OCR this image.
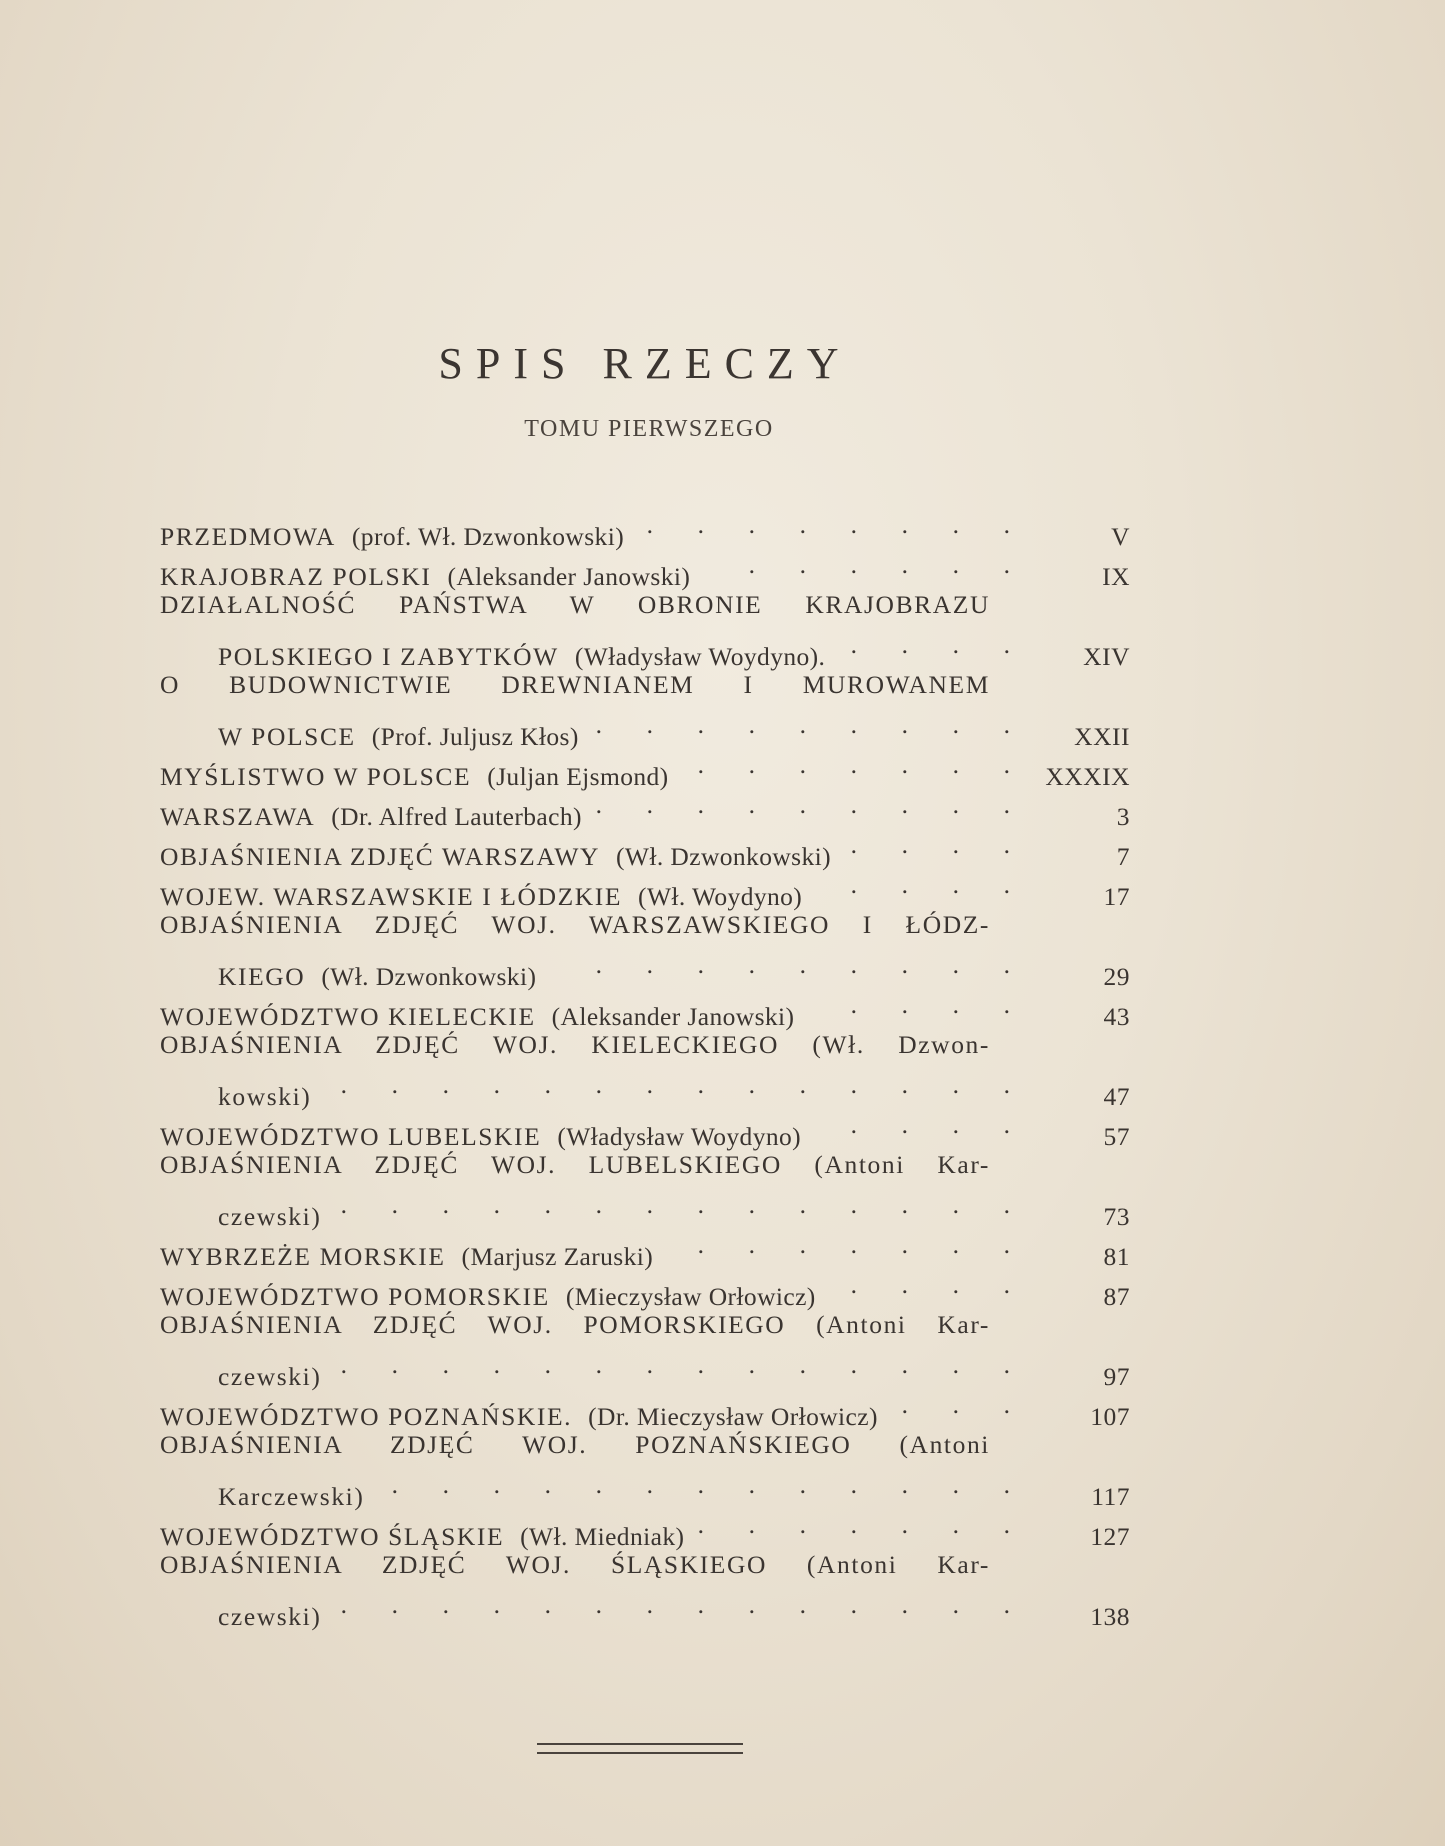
SPIS RZECZY
TOMU PIERWSZEGO
PRZEDMOWA (prof. Wł. Dzwonkowski) .	V
KRAJOBRAZ POLSKI (Aleksander Janowski) .	IX
DZIAŁALNOŚĆ PAŃSTWA W OBRONIE KRAJOBRAZU
POLSKIEGO I ZABYTKÓW (Władysław Woydyno). .	XIV
O BUDOWNICTWIE DREWNIANEM I MUROWANEM
W POLSCE (Prof. Juljusz Kłos) .	XXII
MYŚLISTWO W POLSCE (Juljan Ejsmond) .	XXXIX
WARSZAWA (Dr. Alfred Lauterbach) .	3
OBJAŚNIENIA ZDJĘĆ WARSZAWY (Wł. Dzwonkowski) .	7
WOJEW. WARSZAWSKIE I ŁÓDZKIE (Wł. Woydyno) .	17
OBJAŚNIENIA ZDJĘĆ WOJ. WARSZAWSKIEGO I ŁÓDZ-
KIEGO (Wł. Dzwonkowski) .	29
WOJEWÓDZTWO KIELECKIE (Aleksander Janowski) .	43
OBJAŚNIENIA ZDJĘĆ WOJ. KIELECKIEGO (Wł. Dzwon-
kowski) .	47
WOJEWÓDZTWO LUBELSKIE (Władysław Woydyno) .	57
OBJAŚNIENIA ZDJĘĆ WOJ. LUBELSKIEGO (Antoni Kar-
czewski) .	73
WYBRZEŻE MORSKIE (Marjusz Zaruski) .	81
WOJEWÓDZTWO POMORSKIE (Mieczysław Orłowicz) .	87
OBJAŚNIENIA ZDJĘĆ WOJ. POMORSKIEGO (Antoni Kar-
czewski) .	97
WOJEWÓDZTWO POZNAŃSKIE. (Dr. Mieczysław Orłowicz) .	107
OBJAŚNIENIA ZDJĘĆ WOJ. POZNAŃSKIEGO (Antoni
Karczewski) .	117
WOJEWÓDZTWO ŚLĄSKIE (Wł. Miedniak) .	127
OBJAŚNIENIA ZDJĘĆ WOJ. ŚLĄSKIEGO (Antoni Kar-
czewski) .	138
